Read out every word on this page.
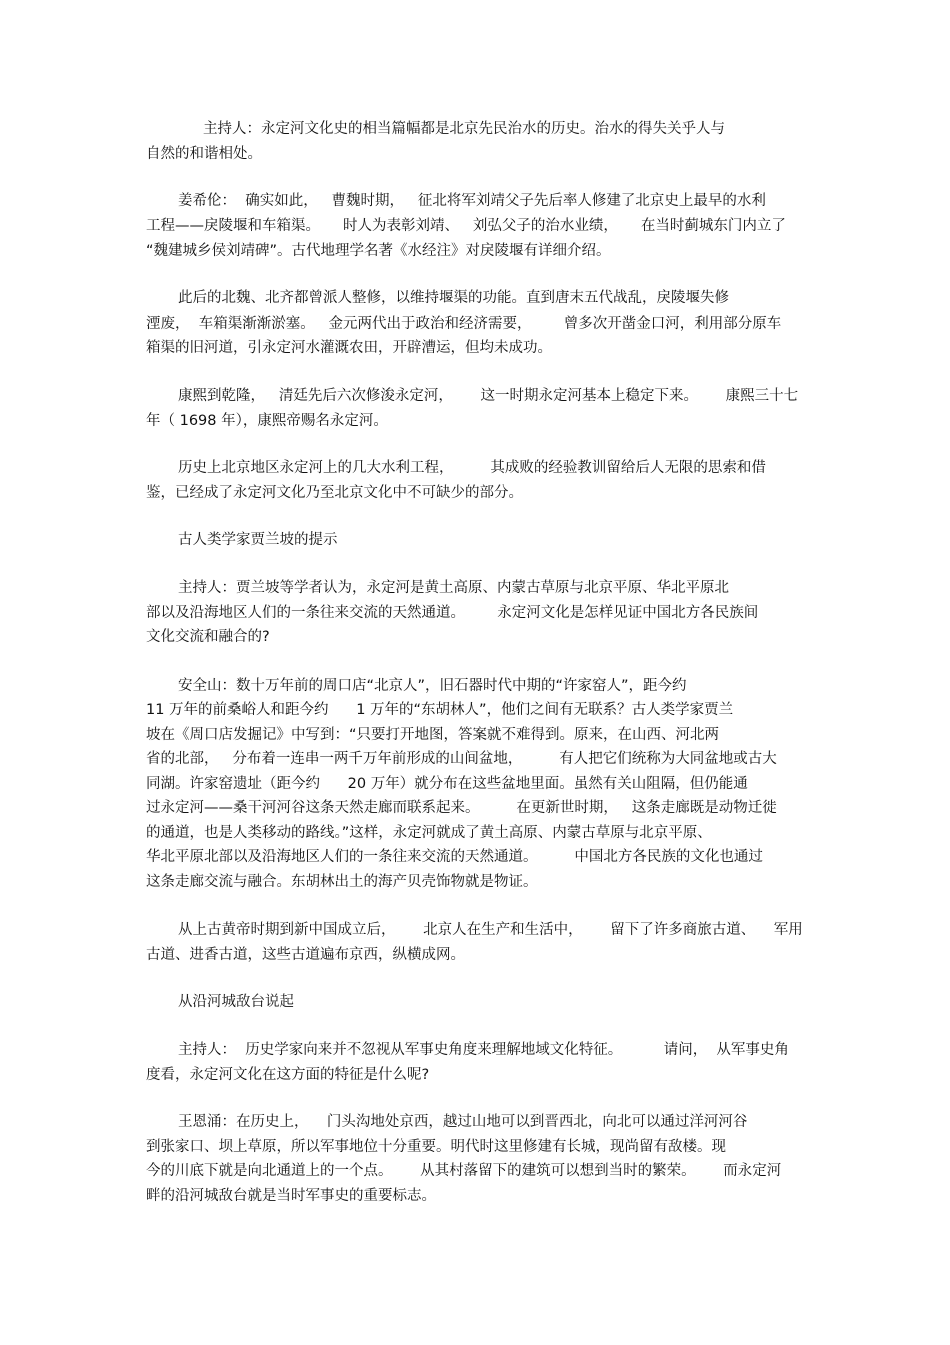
主持人：永定河文化史的相当篇幅都是北京先民治水的历史。治水的得失关乎人与
自然的和谐相处。
姜希伦：  确实如此，   曹魏时期，   征北将军刘靖父子先后率人修建了北京史上最早的水利
工程——戾陵堰和车箱渠。     时人为表彰刘靖、   刘弘父子的治水业绩，     在当时蓟城东门内立了
“魏建城乡侯刘靖碑”。古代地理学名著《水经注》对戾陵堰有详细介绍。
此后的北魏、北齐都曾派人整修，以维持堰渠的功能。直到唐末五代战乱，戾陵堰失修
湮废，  车箱渠渐渐淤塞。   金元两代出于政治和经济需要，       曾多次开凿金口河，利用部分原车
箱渠的旧河道，引永定河水灌溉农田，开辟漕运，但均未成功。
康熙到乾隆，   清廷先后六次修浚永定河，      这一时期永定河基本上稳定下来。      康熙三十七
年（ 1698 年），康熙帝赐名永定河。
历史上北京地区永定河上的几大水利工程，        其成败的经验教训留给后人无限的思索和借
鉴，已经成了永定河文化乃至北京文化中不可缺少的部分。
古人类学家贾兰坡的提示
主持人：贾兰坡等学者认为，永定河是黄土高原、内蒙古草原与北京平原、华北平原北
部以及沿海地区人们的一条往来交流的天然通道。       永定河文化是怎样见证中国北方各民族间
文化交流和融合的?
安全山：数十万年前的周口店“北京人”，旧石器时代中期的“许家窑人”，距今约
11 万年的前桑峪人和距今约      1 万年的“东胡林人”，他们之间有无联系？古人类学家贾兰
坡在《周口店发掘记》中写到：“只要打开地图，答案就不难得到。原来，在山西、河北两
省的北部，   分布着一连串一两千万年前形成的山间盆地，        有人把它们统称为大同盆地或古大
同湖。许家窑遗址（距今约      20 万年）就分布在这些盆地里面。虽然有关山阻隔，但仍能通
过永定河——桑干河河谷这条天然走廊而联系起来。        在更新世时期，   这条走廊既是动物迁徙
的通道，也是人类移动的路线。”这样，永定河就成了黄土高原、内蒙古草原与北京平原、
华北平原北部以及沿海地区人们的一条往来交流的天然通道。        中国北方各民族的文化也通过
这条走廊交流与融合。东胡林出土的海产贝壳饰物就是物证。
从上古黄帝时期到新中国成立后，      北京人在生产和生活中，      留下了许多商旅古道、    军用
古道、进香古道，这些古道遍布京西，纵横成网。
从沿河城敌台说起
主持人：  历史学家向来并不忽视从军事史角度来理解地域文化特征。         请问，  从军事史角
度看，永定河文化在这方面的特征是什么呢?
王恩涌：在历史上，    门头沟地处京西，越过山地可以到晋西北，向北可以通过洋河河谷
到张家口、坝上草原，所以军事地位十分重要。明代时这里修建有长城，现尚留有敌楼。现
今的川底下就是向北通道上的一个点。      从其村落留下的建筑可以想到当时的繁荣。      而永定河
畔的沿河城敌台就是当时军事史的重要标志。
